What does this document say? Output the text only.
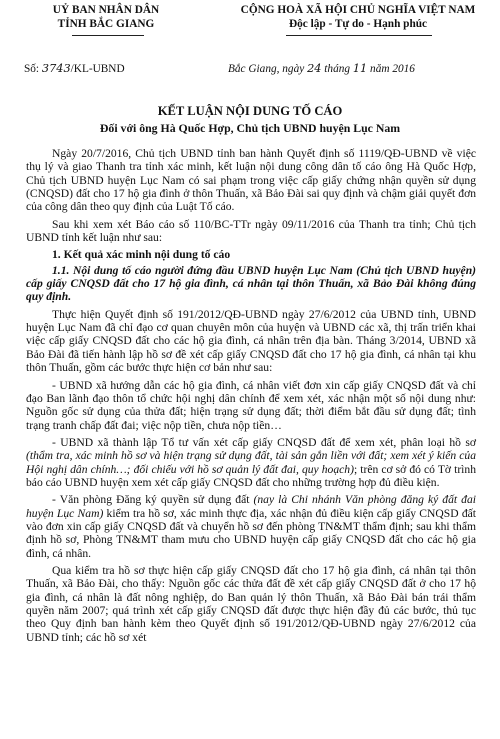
UỶ BAN NHÂN DÂN
TỈNH BẮC GIANG
CỘNG HOÀ XÃ HỘI CHỦ NGHĨA VIỆT NAM
Độc lập - Tự do - Hạnh phúc
Số: 3743/KL-UBND	Bắc Giang, ngày 24 tháng 11 năm 2016
KẾT LUẬN NỘI DUNG TỐ CÁO
Đối với ông Hà Quốc Hợp, Chủ tịch UBND huyện Lục Nam

Ngày 20/7/2016, Chủ tịch UBND tỉnh ban hành Quyết định số 1119/QĐ-UBND về việc thụ lý và giao Thanh tra tỉnh xác minh, kết luận nội dung công dân tố cáo ông Hà Quốc Hợp, Chủ tịch UBND huyện Lục Nam có sai phạm trong việc cấp giấy chứng nhận quyền sử dụng (CNQSD) đất cho 17 hộ gia đình ở thôn Thuấn, xã Bảo Đài sai quy định và chậm giải quyết đơn của công dân theo quy định của Luật Tố cáo.

Sau khi xem xét Báo cáo số 110/BC-TTr ngày 09/11/2016 của Thanh tra tỉnh; Chủ tịch UBND tỉnh kết luận như sau:

1. Kết quả xác minh nội dung tố cáo

1.1. Nội dung tố cáo người đứng đầu UBND huyện Lục Nam (Chủ tịch UBND huyện) cấp giấy CNQSD đất cho 17 hộ gia đình, cá nhân tại thôn Thuấn, xã Bảo Đài không đúng quy định.

Thực hiện Quyết định số 191/2012/QĐ-UBND ngày 27/6/2012 của UBND tỉnh, UBND huyện Lục Nam đã chỉ đạo cơ quan chuyên môn của huyện và UBND các xã, thị trấn triển khai việc cấp giấy CNQSD đất cho các hộ gia đình, cá nhân trên địa bàn. Tháng 3/2014, UBND xã Bảo Đài đã tiến hành lập hồ sơ đề xét cấp giấy CNQSD đất cho 17 hộ gia đình, cá nhân tại khu thôn Thuấn, gồm các bước thực hiện cơ bản như sau:

- UBND xã hướng dẫn các hộ gia đình, cá nhân viết đơn xin cấp giấy CNQSD đất và chỉ đạo Ban lãnh đạo thôn tổ chức hội nghị dân chính để xem xét, xác nhận một số nội dung như: Nguồn gốc sử dụng của thửa đất; hiện trạng sử dụng đất; thời điểm bắt đầu sử dụng đất; tình trạng tranh chấp đất đai; việc nộp tiền, chưa nộp tiền…

- UBND xã thành lập Tổ tư vấn xét cấp giấy CNQSD đất để xem xét, phân loại hồ sơ (thẩm tra, xác minh hồ sơ và hiện trạng sử dụng đất, tài sản gắn liền với đất; xem xét ý kiến của Hội nghị dân chính…; đối chiếu với hồ sơ quản lý đất đai, quy hoạch); trên cơ sở đó có Tờ trình báo cáo UBND huyện xem xét cấp giấy CNQSD đất cho những trường hợp đủ điều kiện.

- Văn phòng Đăng ký quyền sử dụng đất (nay là Chi nhánh Văn phòng đăng ký đất đai huyện Lục Nam) kiểm tra hồ sơ, xác minh thực địa, xác nhận đủ điều kiện cấp giấy CNQSD đất vào đơn xin cấp giấy CNQSD đất và chuyển hồ sơ đến phòng TN&MT thẩm định; sau khi thẩm định hồ sơ, Phòng TN&MT tham mưu cho UBND huyện cấp giấy CNQSD đất cho các hộ gia đình, cá nhân.

Qua kiểm tra hồ sơ thực hiện cấp giấy CNQSD đất cho 17 hộ gia đình, cá nhân tại thôn Thuấn, xã Bảo Đài, cho thấy: Nguồn gốc các thửa đất đề xét cấp giấy CNQSD đất ở cho 17 hộ gia đình, cá nhân là đất nông nghiệp, do Ban quản lý thôn Thuấn, xã Bảo Đài bán trái thẩm quyền năm 2007; quá trình xét cấp giấy CNQSD đất được thực hiện đầy đủ các bước, thủ tục theo Quy định ban hành kèm theo Quyết định số 191/2012/QĐ-UBND ngày 27/6/2012 của UBND tỉnh; các hồ sơ xét
